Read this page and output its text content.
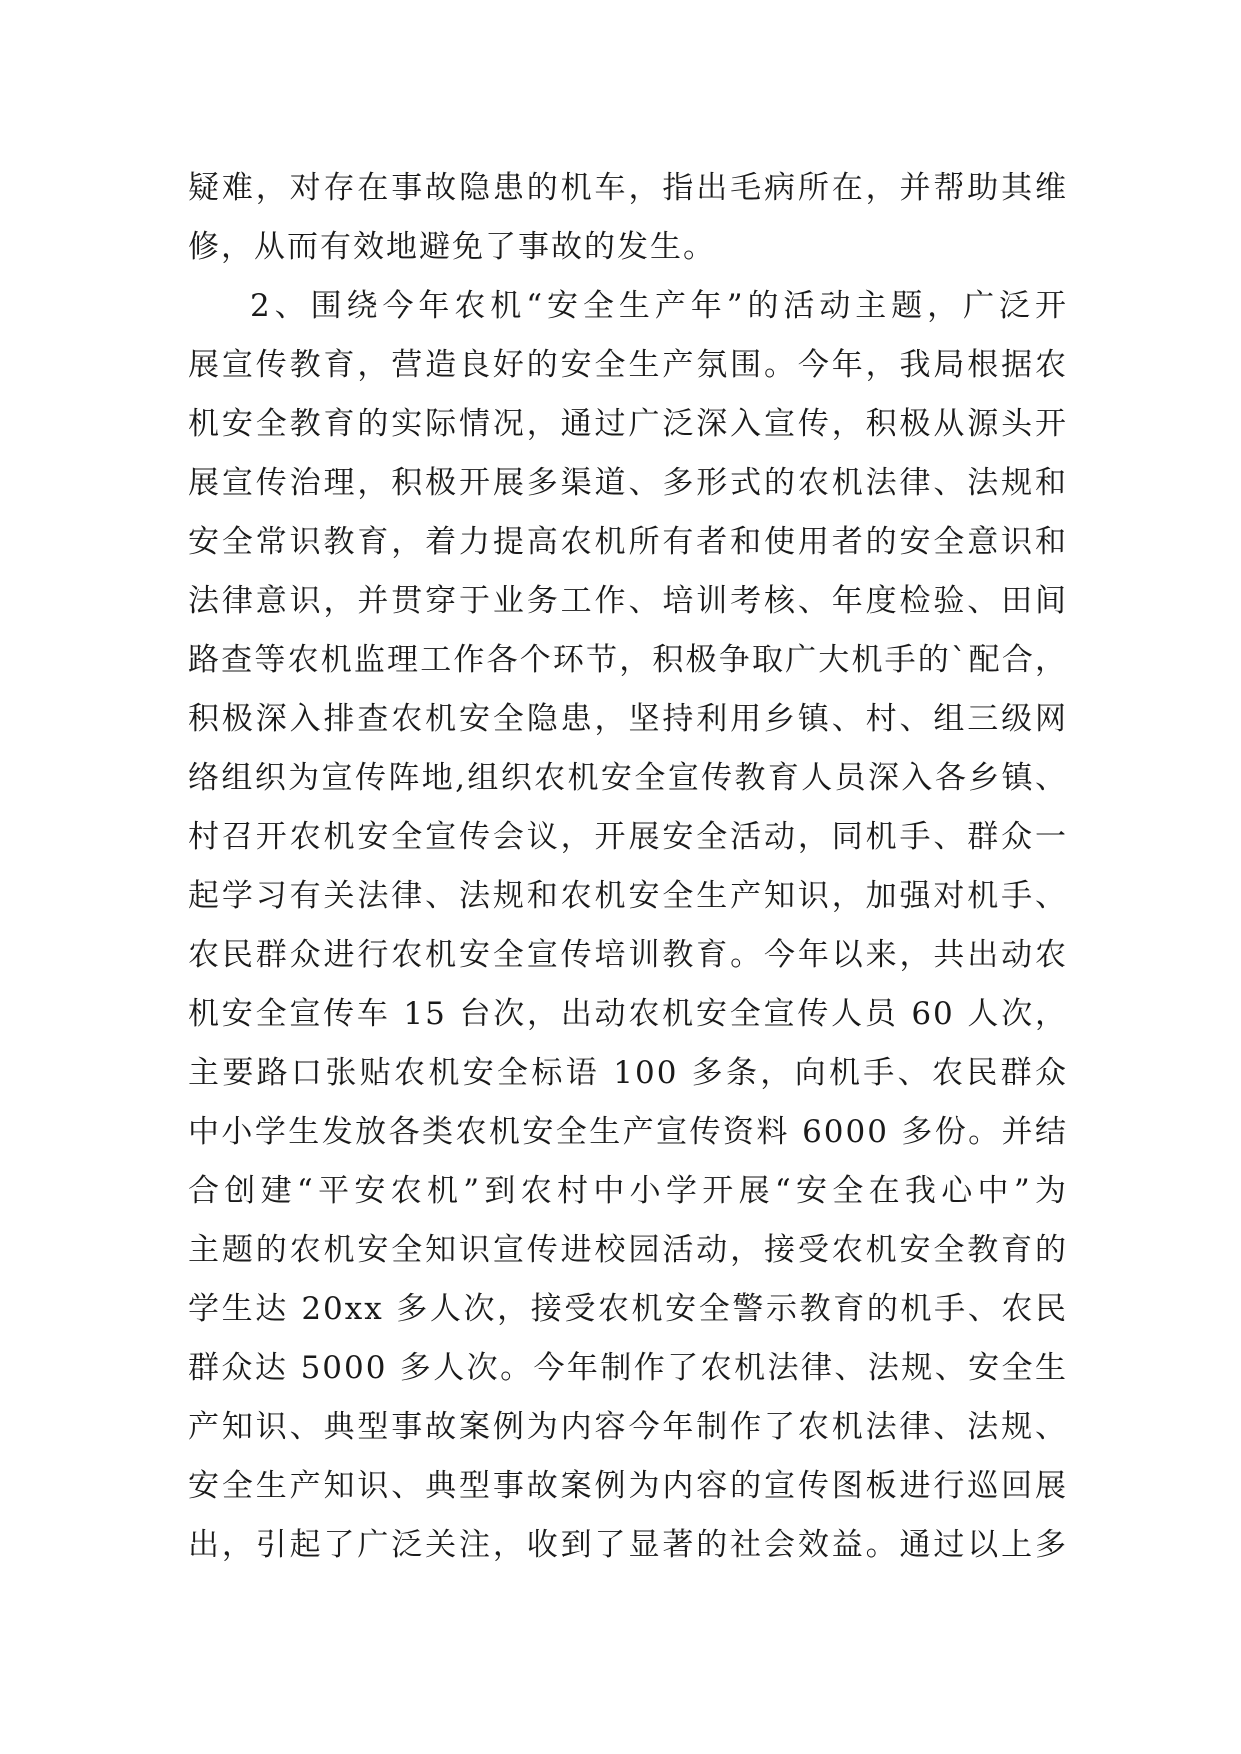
疑难，对存在事故隐患的机车，指出毛病所在，并帮助其维
修，从而有效地避免了事故的发生。
2、围绕今年农机“安全生产年”的活动主题，广泛开
展宣传教育，营造良好的安全生产氛围。今年，我局根据农
机安全教育的实际情况，通过广泛深入宣传，积极从源头开
展宣传治理，积极开展多渠道、多形式的农机法律、法规和
安全常识教育，着力提高农机所有者和使用者的安全意识和
法律意识，并贯穿于业务工作、培训考核、年度检验、田间
路查等农机监理工作各个环节，积极争取广大机手的`配合，
积极深入排查农机安全隐患，坚持利用乡镇、村、组三级网
络组织为宣传阵地,组织农机安全宣传教育人员深入各乡镇、
村召开农机安全宣传会议，开展安全活动，同机手、群众一
起学习有关法律、法规和农机安全生产知识，加强对机手、
农民群众进行农机安全宣传培训教育。今年以来，共出动农
机安全宣传车 15 台次，出动农机安全宣传人员 60 人次，
主要路口张贴农机安全标语 100 多条，向机手、农民群众
中小学生发放各类农机安全生产宣传资料 6000 多份。并结
合创建“平安农机”到农村中小学开展“安全在我心中”为
主题的农机安全知识宣传进校园活动，接受农机安全教育的
学生达 20xx 多人次，接受农机安全警示教育的机手、农民
群众达 5000 多人次。今年制作了农机法律、法规、安全生
产知识、典型事故案例为内容今年制作了农机法律、法规、
安全生产知识、典型事故案例为内容的宣传图板进行巡回展
出，引起了广泛关注，收到了显著的社会效益。通过以上多
